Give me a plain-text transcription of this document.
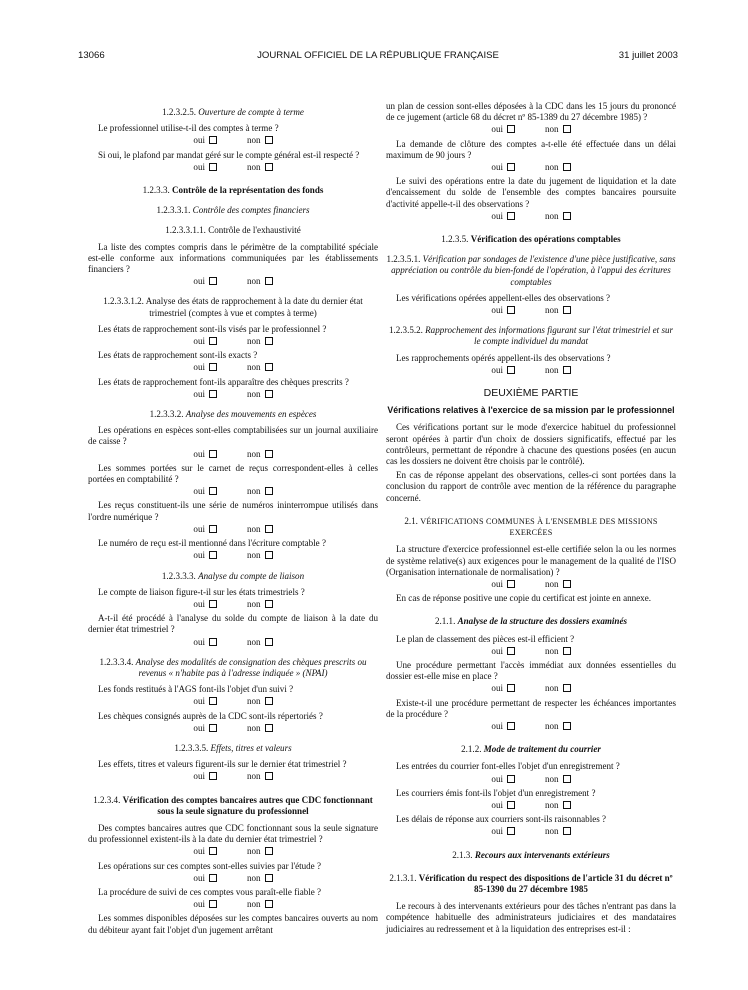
13066	JOURNAL OFFICIEL DE LA RÉPUBLIQUE FRANÇAISE	31 juillet 2003

1.2.3.2.5. Ouverture de compte à terme

Le professionnel utilise-t-il des comptes à terme ?

oui	non

Si oui, le plafond par mandat géré sur le compte général est-il respecté ?

oui	non

1.2.3.3. Contrôle de la représentation des fonds

1.2.3.3.1. Contrôle des comptes financiers

1.2.3.3.1.1. Contrôle de l'exhaustivité

La liste des comptes compris dans le périmètre de la comptabilité spéciale est-elle conforme aux informations communiquées par les établissements financiers ?

oui	non

1.2.3.3.1.2. Analyse des états de rapprochement à la date du dernier état trimestriel (comptes à vue et comptes à terme)

Les états de rapprochement sont-ils visés par le professionnel ?

oui	non

Les états de rapprochement sont-ils exacts ?

oui	non

Les états de rapprochement font-ils apparaître des chèques prescrits ?

oui	non

1.2.3.3.2. Analyse des mouvements en espèces

Les opérations en espèces sont-elles comptabilisées sur un journal auxiliaire de caisse ?

oui	non

Les sommes portées sur le carnet de reçus correspondent-elles à celles portées en comptabilité ?

oui	non

Les reçus constituent-ils une série de numéros ininterrompue utilisés dans l'ordre numérique ?

oui	non

Le numéro de reçu est-il mentionné dans l'écriture comptable ?

oui	non

1.2.3.3.3. Analyse du compte de liaison

Le compte de liaison figure-t-il sur les états trimestriels ?

oui	non

A-t-il été procédé à l'analyse du solde du compte de liaison à la date du dernier état trimestriel ?

oui	non

1.2.3.3.4. Analyse des modalités de consignation des chèques prescrits ou revenus « n'habite pas à l'adresse indiquée » (NPAI)

Les fonds restitués à l'AGS font-ils l'objet d'un suivi ?

oui	non

Les chèques consignés auprès de la CDC sont-ils répertoriés ?

oui	non

1.2.3.3.5. Effets, titres et valeurs

Les effets, titres et valeurs figurent-ils sur le dernier état trimestriel ?

oui	non

1.2.3.4. Vérification des comptes bancaires autres que CDC fonctionnant sous la seule signature du professionnel

Des comptes bancaires autres que CDC fonctionnant sous la seule signature du professionnel existent-ils à la date du dernier état trimestriel ?

oui	non

Les opérations sur ces comptes sont-elles suivies par l'étude ?

oui	non

La procédure de suivi de ces comptes vous paraît-elle fiable ?

oui	non

Les sommes disponibles déposées sur les comptes bancaires ouverts au nom du débiteur ayant fait l'objet d'un jugement arrêtant

un plan de cession sont-elles déposées à la CDC dans les 15 jours du prononcé de ce jugement (article 68 du décret nº 85-1389 du 27 décembre 1985) ?

oui	non

La demande de clôture des comptes a-t-elle été effectuée dans un délai maximum de 90 jours ?

oui	non

Le suivi des opérations entre la date du jugement de liquidation et la date d'encaissement du solde de l'ensemble des comptes bancaires poursuite d'activité appelle-t-il des observations ?

oui	non

1.2.3.5. Vérification des opérations comptables

1.2.3.5.1. Vérification par sondages de l'existence d'une pièce justificative, sans appréciation ou contrôle du bien-fondé de l'opération, à l'appui des écritures comptables

Les vérifications opérées appellent-elles des observations ?

oui	non

1.2.3.5.2. Rapprochement des informations figurant sur l'état trimestriel et sur le compte individuel du mandat

Les rapprochements opérés appellent-ils des observations ?

oui	non

DEUXIÈME PARTIE

Vérifications relatives à l'exercice de sa mission par le professionnel

Ces vérifications portant sur le mode d'exercice habituel du professionnel seront opérées à partir d'un choix de dossiers significatifs, effectué par les contrôleurs, permettant de répondre à chacune des questions posées (en aucun cas les dossiers ne doivent être choisis par le contrôlé).

En cas de réponse appelant des observations, celles-ci sont portées dans la conclusion du rapport de contrôle avec mention de la référence du paragraphe concerné.

2.1. VÉRIFICATIONS COMMUNES À L'ENSEMBLE DES MISSIONS EXERCÉES

La structure d'exercice professionnel est-elle certifiée selon la ou les normes de système relative(s) aux exigences pour le management de la qualité de l'ISO (Organisation internationale de normalisation) ?

oui	non

En cas de réponse positive une copie du certificat est jointe en annexe.

2.1.1. Analyse de la structure des dossiers examinés

Le plan de classement des pièces est-il efficient ?

oui	non

Une procédure permettant l'accès immédiat aux données essentielles du dossier est-elle mise en place ?

oui	non

Existe-t-il une procédure permettant de respecter les échéances importantes de la procédure ?

oui	non

2.1.2. Mode de traitement du courrier

Les entrées du courrier font-elles l'objet d'un enregistrement ?

oui	non

Les courriers émis font-ils l'objet d'un enregistrement ?

oui	non

Les délais de réponse aux courriers sont-ils raisonnables ?

oui	non

2.1.3. Recours aux intervenants extérieurs

2.1.3.1. Vérification du respect des dispositions de l'article 31 du décret nº 85-1390 du 27 décembre 1985

Le recours à des intervenants extérieurs pour des tâches n'entrant pas dans la compétence habituelle des administrateurs judiciaires et des mandataires judiciaires au redressement et à la liquidation des entreprises est-il :
